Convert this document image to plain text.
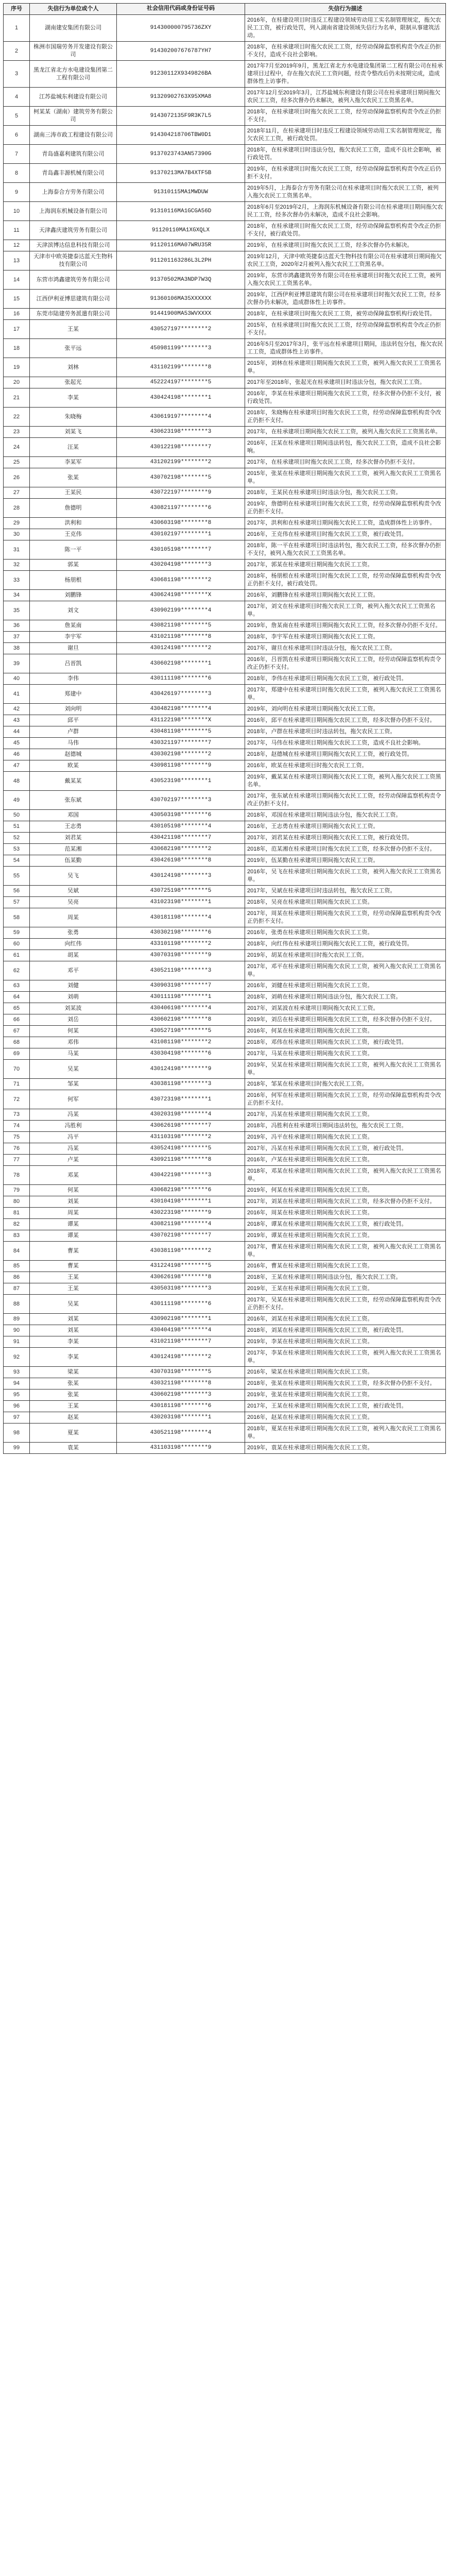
序号	失信行为单位或个人	社会信用代码或身份证号码	失信行为描述
1	湖南建安集团有限公司	914300000795736ZXY	2016年，在桂建设项目时违反工程建设领域劳动用工实名制管理规定，拖欠农民工工资，被行政处罚，列入湖南省建设领域失信行为名单，限制从事建筑活动。
2	株洲市国瑞劳务开发建设有限公司	914302007676787YH7	2018年，在桂承建项目时拖欠农民工工资，经劳动保障监察机构责令改正仍拒不支付，造成不良社会影响。
3	黑龙江省北方水电建设集团第二工程有限公司	91230112X9349826BA	2017年7月至2019年9月，黑龙江省北方水电建设集团第二工程有限公司在桂承建项目过程中，存在拖欠农民工工资问题，经责令整改后仍未按期完成，造成群体性上访事件。
4	江苏盐城东利建设有限公司	91320902763X95XMA8	2017年12月至2019年3月，江苏盐城东利建设有限公司在桂承建项目期间拖欠农民工工资，经多次督办仍未解决，被列入拖欠农民工工资黑名单。
5	柯某某（湖南）建筑劳务有限公司	9143072135F9R3K7L5	2018年，在桂承建项目时拖欠农民工工资，经劳动保障监察机构责令改正仍拒不支付。
6	湖南三涛市政工程建设有限公司	914304218706TBW0D1	2018年11月，在桂承建项目时违反工程建设领域劳动用工实名制管理规定，拖欠农民工工资，被行政处罚。
7	青岛盛嘉利建筑有限公司	9137023743AN57390G	2018年，在桂承建项目时违法分包，拖欠农民工工资，造成不良社会影响，被行政处罚。
8	青岛鑫丰源机械有限公司	91370213MA7B4XTF5B	2019年，在桂承建项目时拖欠农民工工资，经劳动保障监察机构责令改正后仍拒不支付。
9	上海泰合方劳务有限公司	91310115MA1MWDUW	2019年5月，上海泰合方劳务有限公司在桂承建项目时拖欠农民工工资，被列入拖欠农民工工资黑名单。
10	上海润东机械设备有限公司	91310116MA1GCGA56D	2018年6月至2019年2月，上海润东机械设备有限公司在桂承建项目期间拖欠农民工工资，经多次督办仍未解决，造成不良社会影响。
11	天津鑫庆建筑劳务有限公司	91120110MA1XGXQLX	2018年，在桂承建项目时拖欠农民工工资，经劳动保障监察机构责令改正仍拒不支付，被行政处罚。
12	天津滨博达信息科技有限公司	91120116MA07WRU35R	2019年，在桂承建项目时拖欠农民工工资，经多次督办仍未解决。
13	天津市中欧英捷泰达蓝天生物科技有限公司	911201163286L3L2PH	2019年12月，天津中欧英捷泰达蓝天生物科技有限公司在桂承建项目期间拖欠农民工工资，2020年2月被列入拖欠农民工工资黑名单。
14	东营市鸿鑫建筑劳务有限公司	91370502MA3NDP7W3Q	2019年，东营市鸿鑫建筑劳务有限公司在桂承建项目时拖欠农民工工资，被列入拖欠农民工工资黑名单。
15	江西伊利亚博思建筑有限公司	91360106MA35XXXXXX	2019年，江西伊利亚博思建筑有限公司在桂承建项目时拖欠农民工工资，经多次督办仍未解决，造成群体性上访事件。
16	东莞市陆建劳务派遣有限公司	91441900MA53WVXXXX	2018年，在桂承建项目时拖欠农民工工资，被劳动保障监察机构行政处罚。
17	王某	430527197********2	2015年，在桂承建项目时拖欠农民工工资，经劳动保障监察机构责令改正仍拒不支付。
18	张平远	450981199********3	2016年5月至2017年3月，张平远在桂承建项目期间，违法转包分包，拖欠农民工工资，造成群体性上访事件。
19	刘林	431102199********8	2015年，刘林在桂承建项目期间拖欠农民工工资，被列入拖欠农民工工资黑名单。
20	张起光	452224197********5	2017年至2018年，张起光在桂承建项目时违法分包，拖欠农民工工资。
21	李某	430424198********1	2016年，李某在桂承建项目期间拖欠农民工工资，经多次督办仍拒不支付，被行政处罚。
22	朱晓梅	430619197********4	2018年，朱晓梅在桂承建项目时拖欠农民工工资，经劳动保障监察机构责令改正仍拒不支付。
23	刘某飞	430623198********3	2017年，在桂承建项目期间拖欠农民工工资，被列入拖欠农民工工资黑名单。
24	汪某	430122198********7	2016年，汪某在桂承建项目期间违法转包，拖欠农民工工资，造成不良社会影响。
25	李某军	431202199********2	2017年，在桂承建项目时拖欠农民工工资，经多次督办仍拒不支付。
26	张某	430702198********5	2015年，张某在桂承建项目期间拖欠农民工工资，被列入拖欠农民工工资黑名单。
27	王某民	430722197********9	2018年，王某民在桂承建项目时违法分包，拖欠农民工工资。
28	詹德明	430821197********6	2019年，詹德明在桂承建项目时拖欠农民工工资，经劳动保障监察机构责令改正仍拒不支付。
29	洪利和	430603198********8	2017年，洪利和在桂承建项目期间拖欠农民工工资，造成群体性上访事件。
30	王克伟	430102197********1	2016年，王克伟在桂承建项目时拖欠农民工工资，被行政处罚。
31	陈一平	430105198********7	2018年，陈一平在桂承建项目时违法转包，拖欠农民工工资，经多次督办仍拒不支付，被列入拖欠农民工工资黑名单。
32	郭某	430204198********3	2017年，郭某在桂承建项目期间拖欠农民工工资。
33	杨朋根	430681198********2	2018年，杨朋根在桂承建项目时拖欠农民工工资，经劳动保障监察机构责令改正仍拒不支付，被行政处罚。
34	刘鹏锋	430624198********X	2016年，刘鹏锋在桂承建项目期间拖欠农民工工资。
35	刘文	430902199********4	2017年，刘文在桂承建项目时拖欠农民工工资，被列入拖欠农民工工资黑名单。
36	詹某南	430821198********5	2019年，詹某南在桂承建项目期间拖欠农民工工资，经多次督办仍拒不支付。
37	李宇军	431021198********8	2018年，李宇军在桂承建项目期间拖欠农民工工资。
38	谢旦	430124198********2	2017年，谢旦在桂承建项目时违法分包，拖欠农民工工资。
39	吕晋凯	430602198********1	2016年，吕晋凯在桂承建项目期间拖欠农民工工资，经劳动保障监察机构责令改正仍拒不支付。
40	李伟	430111198********6	2018年，李伟在桂承建项目期间拖欠农民工工资，被行政处罚。
41	郑建中	430426197********3	2017年，郑建中在桂承建项目时拖欠农民工工资，被列入拖欠农民工工资黑名单。
42	刘向明	430482198********4	2019年，刘向明在桂承建项目期间拖欠农民工工资。
43	邱平	431122198********X	2016年，邱平在桂承建项目期间拖欠农民工工资，经多次督办仍拒不支付。
44	卢群	430481198********5	2018年，卢群在桂承建项目时违法转包，拖欠农民工工资。
45	马伟	430321197********7	2017年，马伟在桂承建项目期间拖欠农民工工资，造成不良社会影响。
46	赵德城	430302198********2	2018年，赵德城在桂承建项目期间拖欠农民工工资，被行政处罚。
47	欧某	430981198********9	2016年，欧某在桂承建项目时拖欠农民工工资。
48	戴某某	430523198********1	2019年，戴某某在桂承建项目期间拖欠农民工工资，被列入拖欠农民工工资黑名单。
49	张东斌	430702197********3	2017年，张东斌在桂承建项目期间拖欠农民工工资，经劳动保障监察机构责令改正仍拒不支付。
50	邓国	430503198********6	2018年，邓国在桂承建项目期间违法分包，拖欠农民工工资。
51	王志勇	430105198********4	2016年，王志勇在桂承建项目期间拖欠农民工工资。
52	刘君某	430421198********7	2017年，刘君某在桂承建项目期间拖欠农民工工资，被行政处罚。
53	范某湘	430682198********2	2018年，范某湘在桂承建项目时拖欠农民工工资，经多次督办仍拒不支付。
54	伍某勤	430426198********8	2019年，伍某勤在桂承建项目期间拖欠农民工工资。
55	吴飞	430124198********3	2016年，吴飞在桂承建项目期间拖欠农民工工资，被列入拖欠农民工工资黑名单。
56	吴斌	430725198********5	2017年，吴斌在桂承建项目时违法转包，拖欠农民工工资。
57	吴亮	431023198********1	2018年，吴亮在桂承建项目期间拖欠农民工工资。
58	周某	430181198********4	2017年，周某在桂承建项目期间拖欠农民工工资，经劳动保障监察机构责令改正仍拒不支付。
59	张勇	430302198********6	2016年，张勇在桂承建项目期间拖欠农民工工资。
60	向红伟	433101198********2	2018年，向红伟在桂承建项目期间拖欠农民工工资，被行政处罚。
61	胡某	430703198********9	2019年，胡某在桂承建项目时拖欠农民工工资。
62	邓平	430521198********3	2017年，邓平在桂承建项目期间拖欠农民工工资，被列入拖欠农民工工资黑名单。
63	刘健	430903198********7	2016年，刘健在桂承建项目期间拖欠农民工工资。
64	刘萌	430111198********1	2018年，刘萌在桂承建项目期间违法分包，拖欠农民工工资。
65	刘某波	430406198********4	2017年，刘某波在桂承建项目期间拖欠农民工工资。
66	刘岳	430602198********8	2019年，刘岳在桂承建项目期间拖欠农民工工资，经多次督办仍拒不支付。
67	何某	430527198********5	2016年，何某在桂承建项目期间拖欠农民工工资。
68	邓伟	431081198********2	2018年，邓伟在桂承建项目期间拖欠农民工工资，被行政处罚。
69	马某	430304198********6	2017年，马某在桂承建项目期间拖欠农民工工资。
70	吴某	430124198********9	2019年，吴某在桂承建项目期间拖欠农民工工资，被列入拖欠农民工工资黑名单。
71	邹某	430381198********3	2018年，邹某在桂承建项目时拖欠农民工工资。
72	何军	430723198********1	2016年，何军在桂承建项目期间拖欠农民工工资，经劳动保障监察机构责令改正仍拒不支付。
73	冯某	430203198********4	2017年，冯某在桂承建项目期间拖欠农民工工资。
74	冯胜利	430626198********7	2018年，冯胜利在桂承建项目期间违法转包，拖欠农民工工资。
75	冯平	431103198********2	2019年，冯平在桂承建项目期间拖欠农民工工资。
76	冯某	430524198********5	2017年，冯某在桂承建项目期间拖欠农民工工资，被行政处罚。
77	卢某	430921198********8	2016年，卢某在桂承建项目期间拖欠农民工工资。
78	邓某	430422198********3	2018年，邓某在桂承建项目期间拖欠农民工工资，被列入拖欠农民工工资黑名单。
79	何某	430682198********6	2019年，何某在桂承建项目期间拖欠农民工工资。
80	刘某	430104198********1	2017年，刘某在桂承建项目期间拖欠农民工工资，经多次督办仍拒不支付。
81	周某	430223198********9	2016年，周某在桂承建项目期间拖欠农民工工资。
82	谭某	430821198********4	2018年，谭某在桂承建项目期间拖欠农民工工资，被行政处罚。
83	谭某	430702198********7	2019年，谭某在桂承建项目期间拖欠农民工工资。
84	曹某	430381198********2	2017年，曹某在桂承建项目期间拖欠农民工工资，被列入拖欠农民工工资黑名单。
85	曹某	431224198********5	2016年，曹某在桂承建项目期间拖欠农民工工资。
86	王某	430626198********8	2018年，王某在桂承建项目期间违法分包，拖欠农民工工资。
87	王某	430503198********3	2019年，王某在桂承建项目期间拖欠农民工工资。
88	吴某	430111198********6	2017年，吴某在桂承建项目期间拖欠农民工工资，经劳动保障监察机构责令改正仍拒不支付。
89	刘某	430902198********1	2016年，刘某在桂承建项目期间拖欠农民工工资。
90	刘某	430404198********4	2018年，刘某在桂承建项目期间拖欠农民工工资，被行政处罚。
91	李某	431021198********7	2019年，李某在桂承建项目期间拖欠农民工工资。
92	李某	430124198********2	2017年，李某在桂承建项目期间拖欠农民工工资，被列入拖欠农民工工资黑名单。
93	梁某	430703198********5	2016年，梁某在桂承建项目期间拖欠农民工工资。
94	张某	430321198********8	2018年，张某在桂承建项目期间拖欠农民工工资，经多次督办仍拒不支付。
95	张某	430602198********3	2019年，张某在桂承建项目期间拖欠农民工工资。
96	王某	430181198********6	2017年，王某在桂承建项目期间拖欠农民工工资，被行政处罚。
97	赵某	430203198********1	2016年，赵某在桂承建项目期间拖欠农民工工资。
98	夏某	430521198********4	2018年，夏某在桂承建项目期间拖欠农民工工资，被列入拖欠农民工工资黑名单。
99	袁某	431103198********9	2019年，袁某在桂承建项目期间拖欠农民工工资。
